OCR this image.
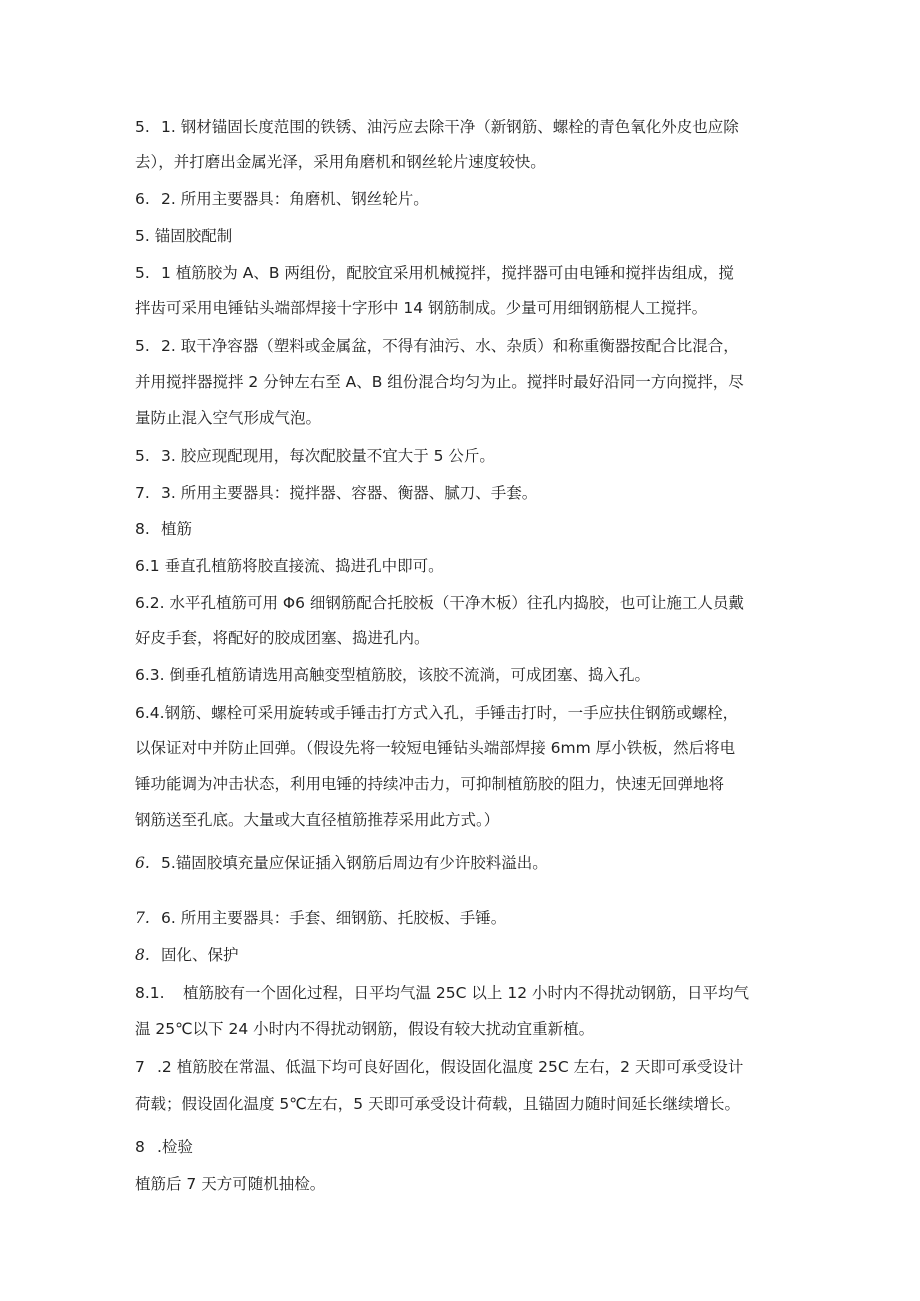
5. 1. 钢材锚固长度范围的铁锈、油污应去除干净（新钢筋、螺栓的青色氧化外皮也应除
去），并打磨出金属光泽，采用角磨机和钢丝轮片速度较快。
6. 2. 所用主要器具：角磨机、钢丝轮片。
5. 锚固胶配制
5. 1 植筋胶为 A、B 两组份，配胶宜采用机械搅拌，搅拌器可由电锤和搅拌齿组成，搅
拌齿可采用电锤钻头端部焊接十字形中 14 钢筋制成。少量可用细钢筋棍人工搅拌。
5. 2. 取干净容器（塑料或金属盆，不得有油污、水、杂质）和称重衡器按配合比混合，
并用搅拌器搅拌 2 分钟左右至 A、B 组份混合均匀为止。搅拌时最好沿同一方向搅拌，尽
量防止混入空气形成气泡。
5. 3. 胶应现配现用，每次配胶量不宜大于 5 公斤。
7. 3. 所用主要器具：搅拌器、容器、衡器、腻刀、手套。
8. 植筋
6.1 垂直孔植筋将胶直接流、捣进孔中即可。
6.2. 水平孔植筋可用 Φ6 细钢筋配合托胶板（干净木板）往孔内捣胶，也可让施工人员戴
好皮手套，将配好的胶成团塞、捣进孔内。
6.3. 倒垂孔植筋请选用高触变型植筋胶，该胶不流淌，可成团塞、捣入孔。
6.4.钢筋、螺栓可采用旋转或手锤击打方式入孔，手锤击打时，一手应扶住钢筋或螺栓，
以保证对中并防止回弹。（假设先将一较短电锤钻头端部焊接 6mm 厚小铁板，然后将电
锤功能调为冲击状态，利用电锤的持续冲击力，可抑制植筋胶的阻力，快速无回弹地将
钢筋送至孔底。大量或大直径植筋推荐采用此方式。）
6. 5.锚固胶填充量应保证插入钢筋后周边有少许胶料溢出。
7. 6. 所用主要器具：手套、细钢筋、托胶板、手锤。
8. 固化、保护
8.1. 植筋胶有一个固化过程，日平均气温 25C 以上 12 小时内不得扰动钢筋，日平均气
温 25℃以下 24 小时内不得扰动钢筋，假设有较大扰动宜重新植。
7 .2 植筋胶在常温、低温下均可良好固化，假设固化温度 25C 左右，2 天即可承受设计
荷载；假设固化温度 5℃左右，5 天即可承受设计荷载，且锚固力随时间延长继续增长。
8 .检验
植筋后 7 天方可随机抽检。
